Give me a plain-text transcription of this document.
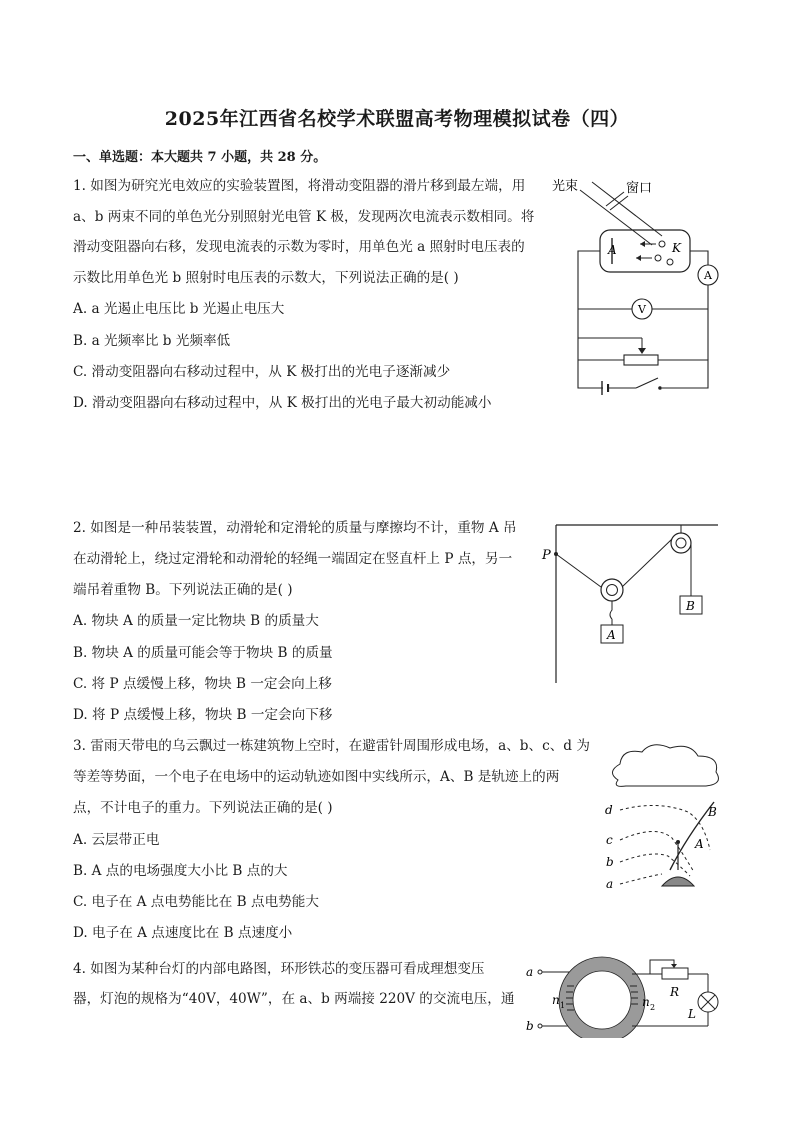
2025年江西省名校学术联盟高考物理模拟试卷（四）
一、单选题：本大题共 7 小题，共 28 分。
1. 如图为研究光电效应的实验装置图，将滑动变阻器的滑片移到最左端，用
a、b 两束不同的单色光分别照射光电管 K 极，发现两次电流表示数相同。将
滑动变阻器向右移，发现电流表的示数为零时，用单色光 a 照射时电压表的
示数比用单色光 b 照射时电压表的示数大，下列说法正确的是( )
A. a 光遏止电压比 b 光遏止电压大
B. a 光频率比 b 光频率低
C. 滑动变阻器向右移动过程中，从 K 极打出的光电子逐渐减少
D. 滑动变阻器向右移动过程中，从 K 极打出的光电子最大初动能减小
光束	窗口
A	K
A
V
2. 如图是一种吊装装置，动滑轮和定滑轮的质量与摩擦均不计，重物 A 吊
在动滑轮上，绕过定滑轮和动滑轮的轻绳一端固定在竖直杆上 P 点，另一
端吊着重物 B。下列说法正确的是( )
A. 物块 A 的质量一定比物块 B 的质量大
B. 物块 A 的质量可能会等于物块 B 的质量
C. 将 P 点缓慢上移，物块 B 一定会向上移
D. 将 P 点缓慢上移，物块 B 一定会向下移
P
A
B
3. 雷雨天带电的乌云飘过一栋建筑物上空时，在避雷针周围形成电场，a、b、c、d 为
等差等势面，一个电子在电场中的运动轨迹如图中实线所示，A、B 是轨迹上的两
点，不计电子的重力。下列说法正确的是( )
A. 云层带正电
B. A 点的电场强度大小比 B 点的大
C. 电子在 A 点电势能比在 B 点电势能大
D. 电子在 A 点速度比在 B 点速度小
d
c
b
a
B
A
4. 如图为某种台灯的内部电路图，环形铁芯的变压器可看成理想变压
器，灯泡的规格为“40V，40W”，在 a、b 两端接 220V 的交流电压，通
a
b
n 1	n 2
R
L
